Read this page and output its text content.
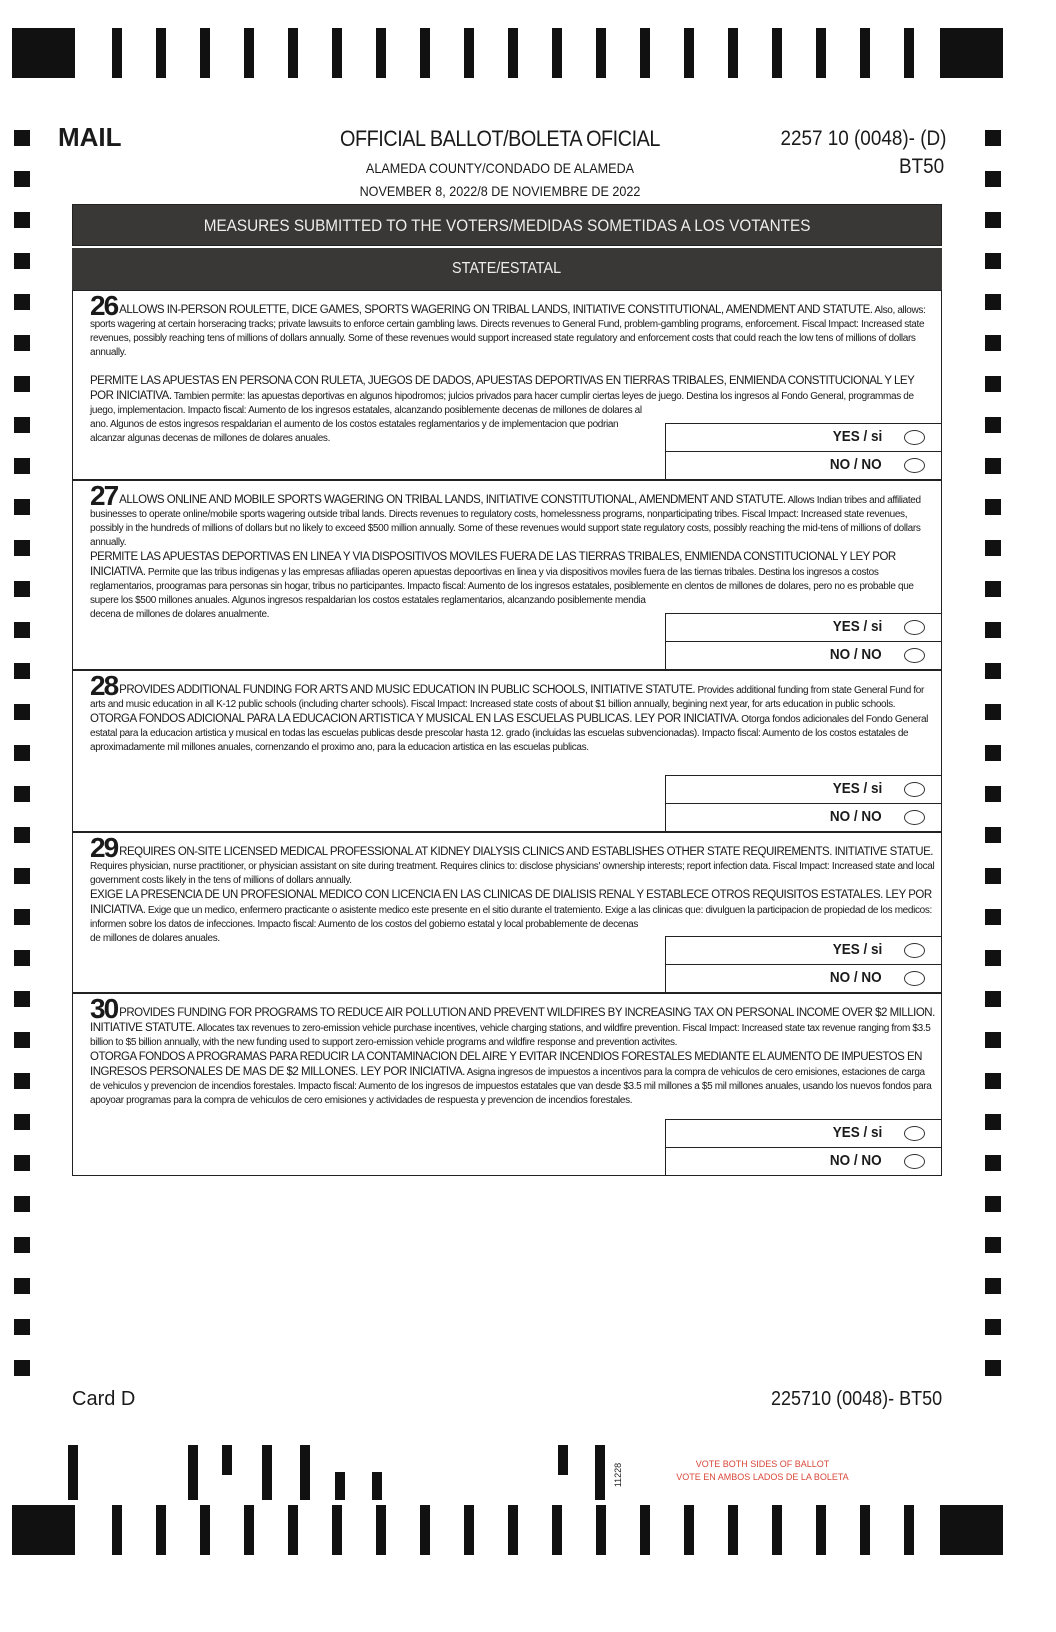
MAIL	OFFICIAL BALLOT/BOLETA OFICIAL
ALAMEDA COUNTY/CONDADO DE ALAMEDA
NOVEMBER 8, 2022/8 DE NOVIEMBRE DE 2022
2257 10 (0048)- (D)
BT50
MEASURES SUBMITTED TO THE VOTERS/MEDIDAS SOMETIDAS A LOS VOTANTES
STATE/ESTATAL
26 ALLOWS IN-PERSON ROULETTE, DICE GAMES, SPORTS WAGERING ON TRIBAL LANDS, INITIATIVE CONSTITUTIONAL, AMENDMENT AND STATUTE. Also, allows: sports wagering at certain horseracing tracks; private lawsuits to enforce certain gambling laws. Directs revenues to General Fund, problem-gambling programs, enforcement. Fiscal Impact: Increased state revenues, possibly reaching tens of millions of dollars annually. Some of these revenues would support increased state regulatory and enforcement costs that could reach the low tens of millions of dollars annually.
PERMITE LAS APUESTAS EN PERSONA CON RULETA, JUEGOS DE DADOS, APUESTAS DEPORTIVAS EN TIERRAS TRIBALES, ENMIENDA CONSTITUCIONAL Y LEY POR INICIATIVA. Tambien permite: las apuestas deportivas en algunos hipodromos; julcios privados para hacer cumplir ciertas leyes de juego. Destina los ingresos al Fondo General, programmas de juego, implementacion. Impacto fiscal: Aumento de los ingresos estatales, alcanzando posiblemente decenas de millones de dolares al ano. Algunos de estos ingresos respaldarian el aumento de los costos estatales reglamentarios y de implementacion que podrian alcanzar algunas decenas de millones de dolares anuales.	YES / si
NO / NO
27 ALLOWS ONLINE AND MOBILE SPORTS WAGERING ON TRIBAL LANDS, INITIATIVE CONSTITUTIONAL, AMENDMENT AND STATUTE. Allows Indian tribes and affiliated businesses to operate online/mobile sports wagering outside tribal lands. Directs revenues to regulatory costs, homelessness programs, nonparticipating tribes. Fiscal Impact: Increased state revenues, possibly in the hundreds of millions of dollars but no likely to exceed $500 million annually. Some of these revenues would support state regulatory costs, possibly reaching the mid-tens of millions of dollars annually.
PERMITE LAS APUESTAS DEPORTIVAS EN LINEA Y VIA DISPOSITIVOS MOVILES FUERA DE LAS TIERRAS TRIBALES, ENMIENDA CONSTITUCIONAL Y LEY POR INICIATIVA. Permite que las tribus indigenas y las empresas afiliadas operen apuestas depoortivas en linea y via dispositivos moviles fuera de las tiernas tribales. Destina los ingresos a costos reglamentarios, proogramas para personas sin hogar, tribus no participantes. Impacto fiscal: Aumento de los ingresos estatales, posiblemente en clentos de millones de dolares, pero no es probable que supere los $500 millones anuales. Algunos ingresos respaldarian los costos estatales reglamentarios, alcanzando posiblemente mendia decena de millones de dolares anualmente.
YES / si
NO / NO
28 PROVIDES ADDITIONAL FUNDING FOR ARTS AND MUSIC EDUCATION IN PUBLIC SCHOOLS, INITIATIVE STATUTE. Provides additional funding from state General Fund for arts and music education in all K-12 public schools (including charter schools). Fiscal Impact: Increased state costs of about $1 billion annually, begining next year, for arts education in public schools.
OTORGA FONDOS ADICIONAL PARA LA EDUCACION ARTISTICA Y MUSICAL EN LAS ESCUELAS PUBLICAS. LEY POR INICIATIVA. Otorga fondos adicionales del Fondo General estatal para la educacion artistica y musical en todas las escuelas publicas desde prescolar hasta 12. grado (incluidas las escuelas subvencionadas). Impacto fiscal: Aumento de los costos estatales de aproximadamente mil millones anuales, cornenzando el proximo ano, para la educacion artistica en las escuelas publicas.
YES / si
NO / NO
29 REQUIRES ON-SITE LICENSED MEDICAL PROFESSIONAL AT KIDNEY DIALYSIS CLINICS AND ESTABLISHES OTHER STATE REQUIREMENTS. INITIATIVE STATUE. Requires physician, nurse practitioner, or physician assistant on site during treatment. Requires clinics to: disclose physicians' ownership interests; report infection data. Fiscal Impact: Increased state and local government costs likely in the tens of millions of dollars annually.
EXIGE LA PRESENCIA DE UN PROFESIONAL MEDICO CON LICENCIA EN LAS CLINICAS DE DIALISIS RENAL Y ESTABLECE OTROS REQUISITOS ESTATALES. LEY POR INICIATIVA. Exige que un medico, enfermero practicante o asistente medico este presente en el sitio durante el tratemiento. Exige a las clinicas que: divulguen la participacion de propiedad de los medicos: informen sobre los datos de infecciones. Impacto fiscal: Aumento de los costos del gobierno estatal y local probablemente de decenas de millones de dolares anuales.
YES / si
NO / NO
30 PROVIDES FUNDING FOR PROGRAMS TO REDUCE AIR POLLUTION AND PREVENT WILDFIRES BY INCREASING TAX ON PERSONAL INCOME OVER $2 MILLION. INITIATIVE STATUTE. Allocates tax revenues to zero-emission vehicle purchase incentives, vehicle charging stations, and wildfire prevention. Fiscal Impact: Increased state tax revenue ranging from $3.5 billion to $5 billion annually, with the new funding used to support zero-emission vehicle programs and wildfire response and prevention activites.
OTORGA FONDOS A PROGRAMAS PARA REDUCIR LA CONTAMINACION DEL AIRE Y EVITAR INCENDIOS FORESTALES MEDIANTE EL AUMENTO DE IMPUESTOS EN INGRESOS PERSONALES DE MAS DE $2 MILLONES. LEY POR INICIATIVA. Asigna ingresos de impuestos a incentivos para la compra de vehiculos de cero emisiones, estaciones de carga de vehiculos y prevencion de incendios forestales. Impacto fiscal: Aumento de los ingresos de impuestos estatales que van desde $3.5 mil millones a $5 mil millones anuales, usando los nuevos fondos para apoyoar programas para la compra de vehiculos de cero emisiones y actividades de respuesta y prevencion de incendios forestales.
YES / si
NO / NO
Card D	225710 (0048)- BT50
11228	VOTE BOTH SIDES OF BALLOT
VOTE EN AMBOS LADOS DE LA BOLETA
